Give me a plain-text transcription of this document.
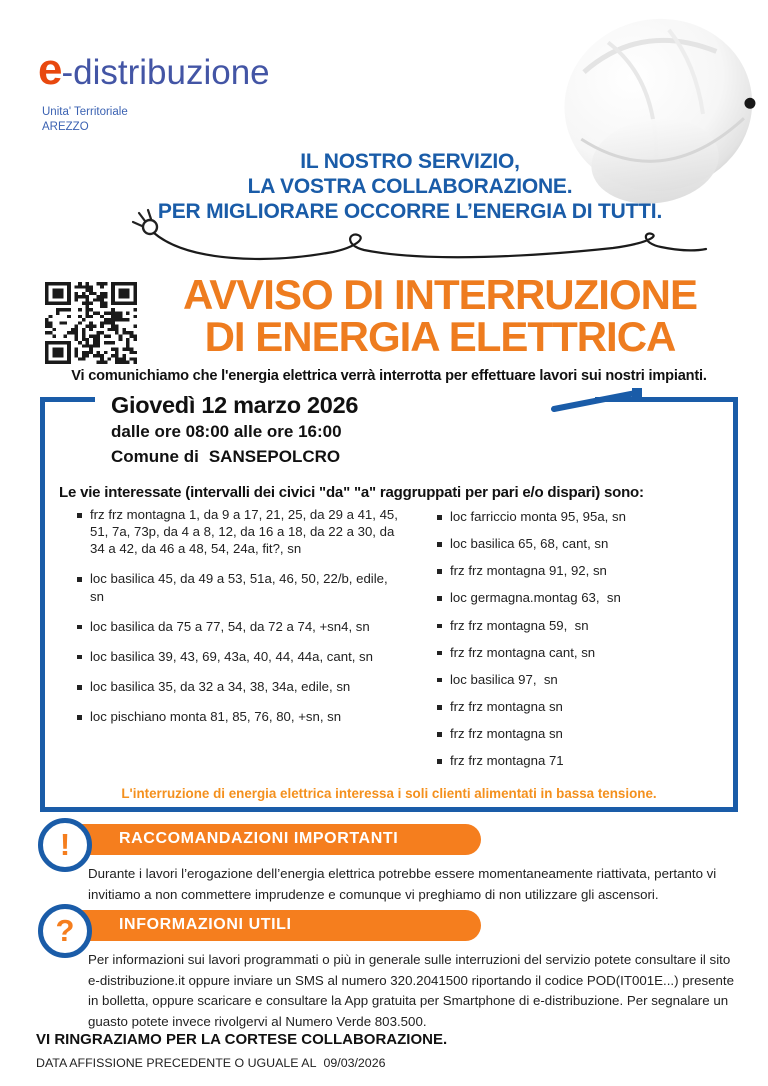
e-distribuzione
Unita' Territoriale
AREZZO
IL NOSTRO SERVIZIO,
LA VOSTRA COLLABORAZIONE.
PER MIGLIORARE OCCORRE L’ENERGIA DI TUTTI.
AVVISO DI INTERRUZIONE
DI ENERGIA ELETTRICA
Vi comunichiamo che l'energia elettrica verrà interrotta per effettuare lavori sui nostri impianti.
Giovedì 12 marzo 2026
dalle ore 08:00 alle ore 16:00
Comune di SANSEPOLCRO
Le vie interessate (intervalli dei civici "da" "a" raggruppati per pari e/o dispari) sono:
frz frz montagna 1, da 9 a 17, 21, 25, da 29 a 41, 45, 51, 7a, 73p, da 4 a 8, 12, da 16 a 18, da 22 a 30, da 34 a 42, da 46 a 48, 54, 24a, fit?, sn
loc basilica 45, da 49 a 53, 51a, 46, 50, 22/b, edile, sn
loc basilica da 75 a 77, 54, da 72 a 74, +sn4, sn
loc basilica 39, 43, 69, 43a, 40, 44, 44a, cant, sn
loc basilica 35, da 32 a 34, 38, 34a, edile, sn
loc pischiano monta 81, 85, 76, 80, +sn, sn
loc farriccio monta 95, 95a, sn
loc basilica 65, 68, cant, sn
frz frz montagna 91, 92, sn
loc germagna.montag 63,  sn
frz frz montagna 59,  sn
frz frz montagna cant, sn
loc basilica 97,  sn
frz frz montagna sn
frz frz montagna sn
frz frz montagna 71
L'interruzione di energia elettrica interessa i soli clienti alimentati in bassa tensione.
!	RACCOMANDAZIONI IMPORTANTI
Durante i lavori l’erogazione dell’energia elettrica potrebbe essere momentaneamente riattivata, pertanto vi invitiamo a non commettere imprudenze e comunque vi preghiamo di non utilizzare gli ascensori.
?	INFORMAZIONI UTILI
Per informazioni sui lavori programmati o più in generale sulle interruzioni del servizio potete consultare il sito e-distribuzione.it oppure inviare un SMS al numero 320.2041500 riportando il codice POD(IT001E...) presente in bolletta, oppure scaricare e consultare la App gratuita per Smartphone di e-distribuzione. Per segnalare un guasto potete invece rivolgervi al Numero Verde 803.500.
VI RINGRAZIAMO PER LA CORTESE COLLABORAZIONE.
DATA AFFISSIONE PRECEDENTE O UGUALE AL 09/03/2026
